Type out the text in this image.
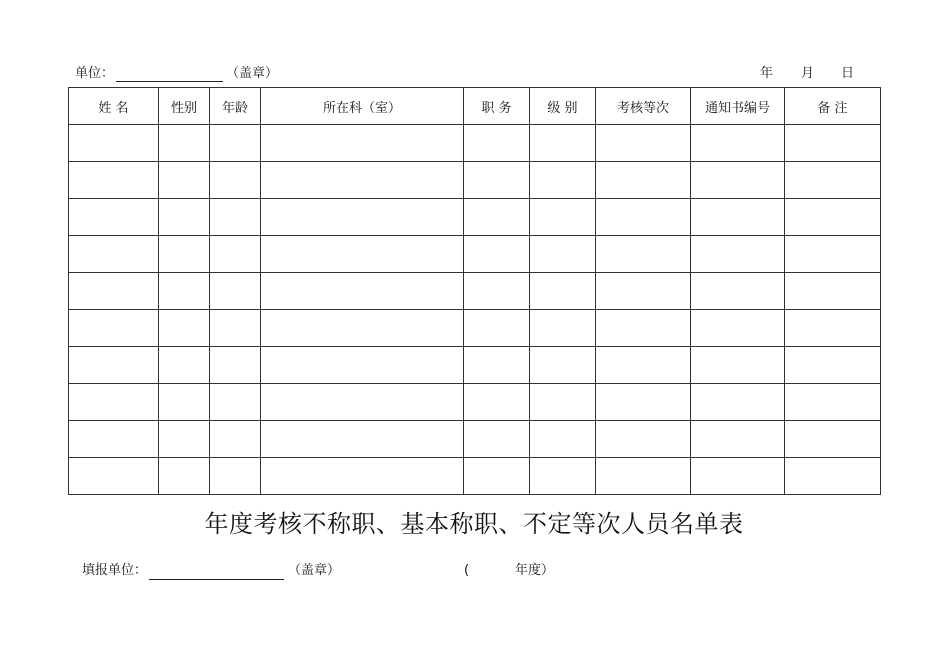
单位：	（盖章）	年 月 日
姓 名	性别	年龄	所在科（室）	职 务	级 别	考核等次	通知书编号	备 注

年度考核不称职、基本称职、不定等次人员名单表
填报单位：	（盖章）	(	年度）
